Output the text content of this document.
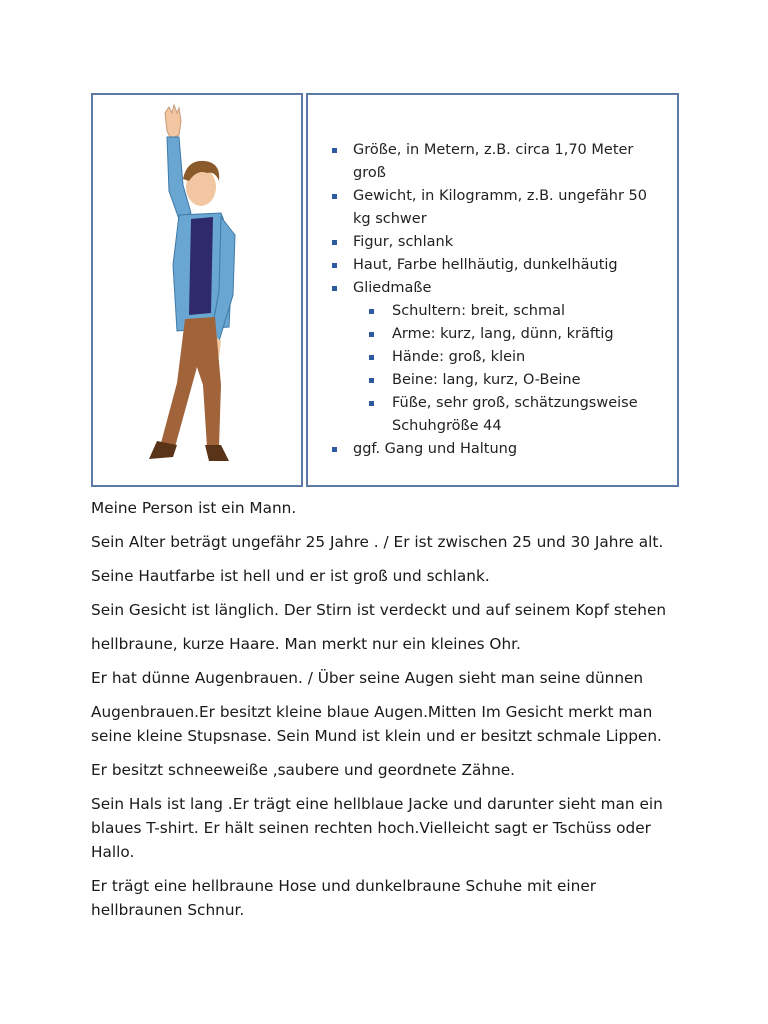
Größe, in Metern, z.B. circa 1,70 Meter groß
Gewicht, in Kilogramm, z.B. ungefähr 50 kg schwer
Figur, schlank
Haut, Farbe hellhäutig, dunkelhäutig
Gliedmaße
Schultern: breit, schmal
Arme: kurz, lang, dünn, kräftig
Hände: groß, klein
Beine: lang, kurz, O-Beine
Füße, sehr groß, schätzungsweise Schuhgröße 44
ggf. Gang und Haltung

Meine Person ist ein Mann.

Sein Alter beträgt ungefähr 25 Jahre . / Er ist zwischen 25 und 30 Jahre alt.

Seine Hautfarbe ist hell und er ist groß und schlank.

Sein Gesicht ist länglich. Der Stirn ist verdeckt und auf seinem Kopf stehen

hellbraune, kurze Haare. Man merkt nur ein kleines Ohr.

Er hat dünne Augenbrauen. / Über seine Augen sieht man seine dünnen

Augenbrauen.Er besitzt kleine blaue Augen.Mitten Im Gesicht merkt man seine kleine Stupsnase. Sein Mund ist klein und er besitzt schmale Lippen.

Er besitzt schneeweiße ,saubere und geordnete Zähne.

Sein Hals ist lang .Er trägt eine hellblaue Jacke und darunter sieht man ein blaues T-shirt. Er hält seinen rechten hoch.Vielleicht sagt er Tschüss oder Hallo.

Er trägt eine hellbraune Hose und dunkelbraune Schuhe mit einer hellbraunen Schnur.
